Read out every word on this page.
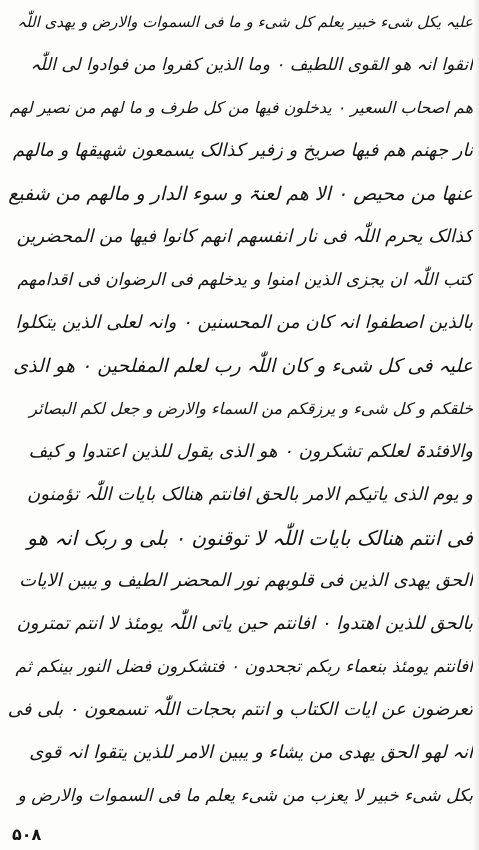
علیہ یکل شیء خبیر یعلم کل شیء و ما فی السموات والارض و یھدی اللّٰہ
انقوا انہ ھو القوی اللطیف ۰ وما الذین کفروا من فوادوا لی اللّٰہ
ھم اصحاب السعیر ۰ یدخلون فیھا من کل طرف و ما لھم من نصیر لھم
نار جھنم ھم فیھا صریخ و زفیر کذالک یسمعون شھیقھا و مالھم
عنھا من محیص ۰ الا ھم لعنۃ و سوء الدار و مالھم من شفیع
کذالک یحرم اللّٰہ فی نار انفسھم انھم کانوا فیھا من المحضرین
کتب اللّٰہ ان یجزی الذین امنوا و یدخلھم فی الرضوان فی اقدامھم
بالذین اصطفوا انہ کان من المحسنین ۰ وانہ لعلی الذین یتکلوا
علیہ فی کل شیء و کان اللّٰہ رب لعلم المفلحین ۰ ھو الذی
خلقکم و کل شیء و یرزقکم من السماء والارض و جعل لکم البصائر
والافئدۃ لعلکم تشکرون ۰ ھو الذی یقول للذین اعتدوا و کیف
و یوم الذی یاتیکم الامر بالحق افانتم ھنالک بایات اللّٰہ تؤمنون
فی انتم ھنالک بایات اللّٰہ لا توقنون ۰ بلی و ربک انہ ھو
الحق یھدی الذین فی قلوبھم نور المحضر الطیف و یبین الایات
بالحق للذین اھتدوا ۰ افانتم حین یاتی اللّٰہ یومئذ لا انتم تمترون
افانتم یومئذ بنعماء ربکم تجحدون ۰ فتشکرون فضل النور بینکم ثم
تعرضون عن ایات الکتاب و انتم بحجات اللّٰہ تسمعون ۰ بلی فی
انہ لھو الحق یھدی من یشاء و یبین الامر للذین یتقوا انہ قوی
بکل شیء خبیر لا یعزب من شیء یعلم ما فی السموات والارض و
۵۰۸
